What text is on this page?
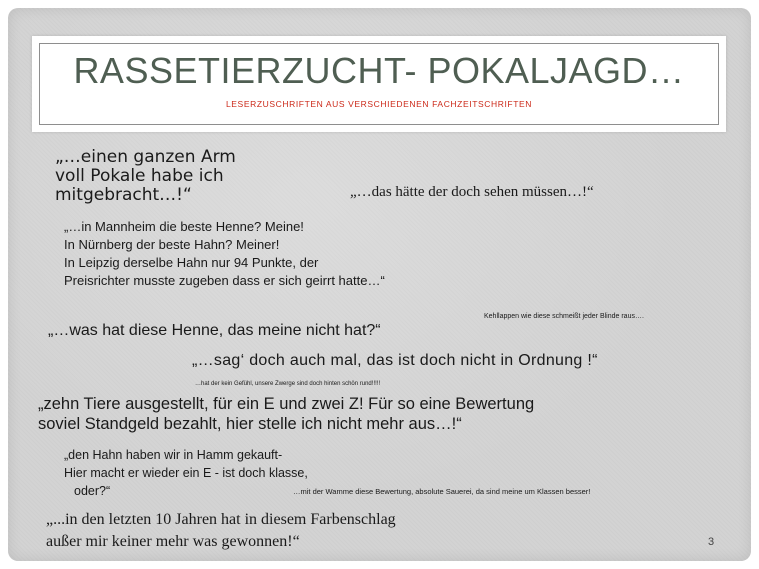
RASSETIERZUCHT- POKALJAGD…
LESERZUSCHRIFTEN AUS VERSCHIEDENEN FACHZEITSCHRIFTEN

„…einen ganzen Arm
voll Pokale habe ich
mitgebracht…!“	„…das hätte der doch sehen müssen…!“

„…in Mannheim die beste Henne? Meine!
In Nürnberg der beste Hahn? Meiner!
In Leipzig derselbe Hahn nur 94 Punkte, der
Preisrichter musste zugeben dass er sich geirrt hatte…“

Kehllappen wie diese schmeißt jeder Blinde raus….

„…was hat diese Henne, das meine nicht hat?“

„…sag‘ doch auch mal, das ist doch nicht in Ordnung !“

…hat der kein Gefühl, unsere Zwerge sind doch hinten schön rund!!!!!

„zehn Tiere ausgestellt, für ein E und zwei Z! Für so eine Bewertung
soviel Standgeld bezahlt, hier stelle ich nicht mehr aus…!“

„den Hahn haben wir in Hamm gekauft-
Hier macht er wieder ein E - ist doch klasse,
oder?“	…mit der Wamme diese Bewertung, absolute Sauerei, da sind meine um Klassen besser!

„...in den letzten 10 Jahren hat in diesem Farbenschlag
außer mir keiner mehr was gewonnen!“	3
